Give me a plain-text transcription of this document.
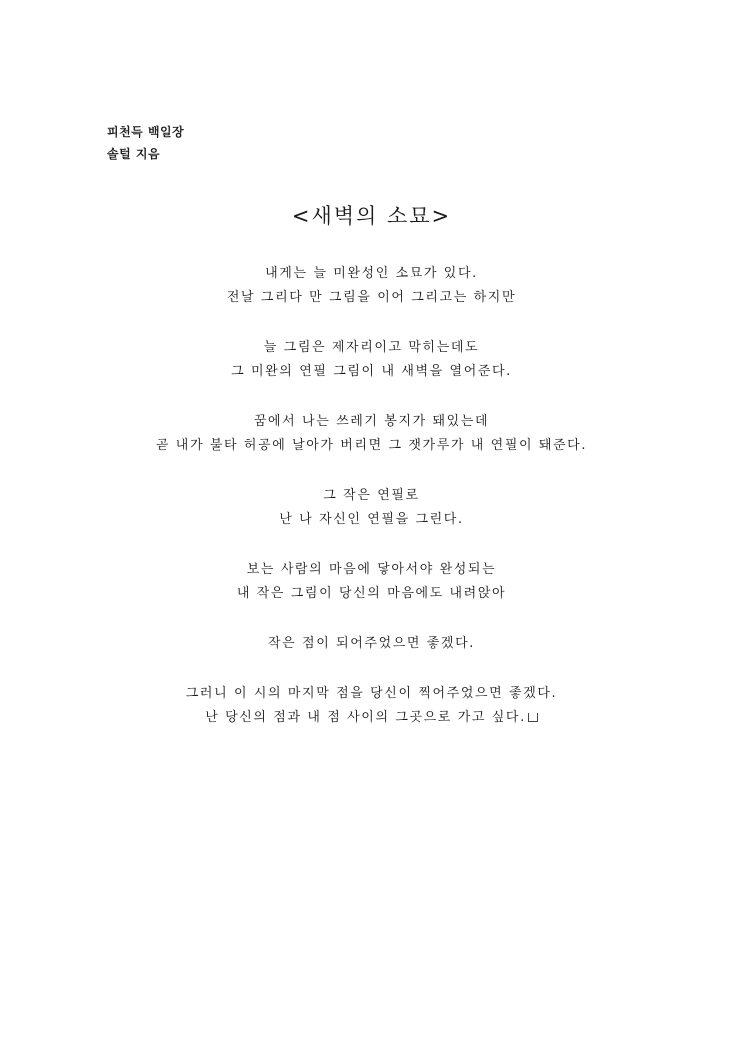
피천득 백일장
솔털 지음
<새벽의 소묘>
내게는 늘 미완성인 소묘가 있다.
전날 그리다 만 그림을 이어 그리고는 하지만
늘 그림은 제자리이고 막히는데도
그 미완의 연필 그림이 내 새벽을 열어준다.
꿈에서 나는 쓰레기 봉지가 돼있는데
곧 내가 불타 허공에 날아가 버리면 그 잿가루가 내 연필이 돼준다.
그 작은 연필로
난 나 자신인 연필을 그린다.
보는 사람의 마음에 닿아서야 완성되는
내 작은 그림이 당신의 마음에도 내려앉아
작은 점이 되어주었으면 좋겠다.
그러니 이 시의 마지막 점을 당신이 찍어주었으면 좋겠다.
난 당신의 점과 내 점 사이의 그곳으로 가고 싶다.
